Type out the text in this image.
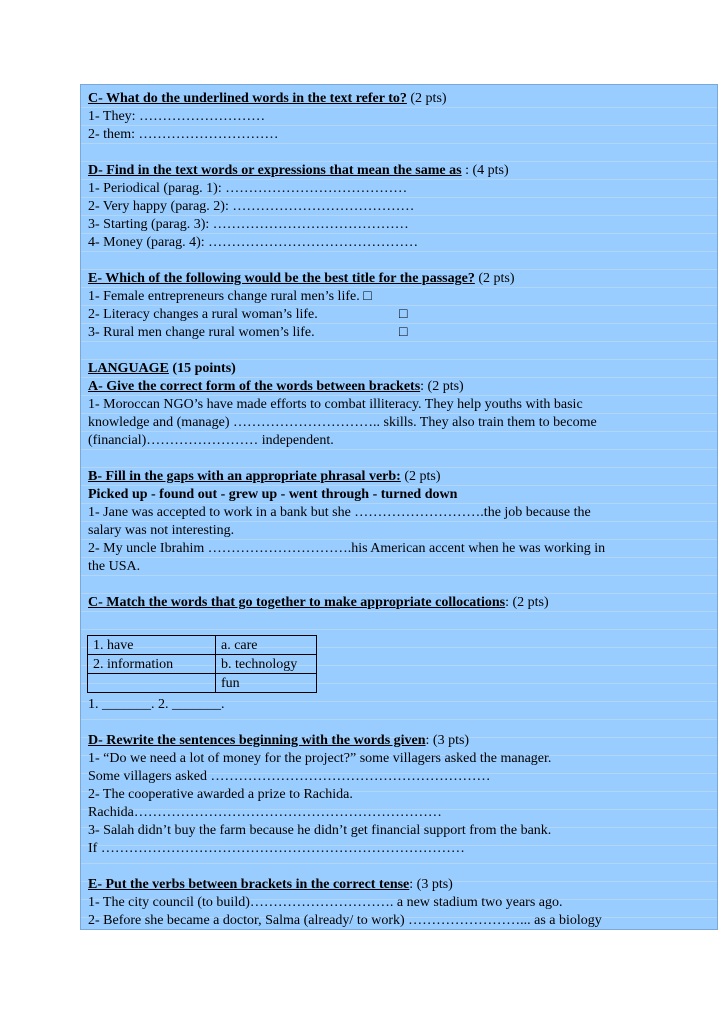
C- What do the underlined words in the text refer to? (2 pts)
1- They: ………………………
2- them: …………………………
D- Find in the text words or expressions that mean the same as : (4 pts)
1- Periodical (parag. 1): …………………………………
2- Very happy (parag. 2): …………………………………
3- Starting (parag. 3): ……………………………………
4- Money (parag. 4): ………………………………………
E- Which of the following would be the best title for the passage? (2 pts)
1- Female entrepreneurs change rural men’s life. □
2- Literacy changes a rural woman’s life.
3- Rural men change rural women’s life.
LANGUAGE (15 points)
A- Give the correct form of the words between brackets: (2 pts)
1- Moroccan NGO’s have made efforts to combat illiteracy. They help youths with basic
knowledge and (manage) ………………………….. skills. They also train them to become
(financial)…………………… independent.
B- Fill in the gaps with an appropriate phrasal verb: (2 pts)
Picked up - found out - grew up - went through - turned down
1- Jane was accepted to work in a bank but she ……………………….the job because the
salary was not interesting.
2- My uncle Ibrahim ………………………….his American accent when he was working in
the USA.
C- Match the words that go together to make appropriate collocations: (2 pts)
1. _______. 2. _______.
D- Rewrite the sentences beginning with the words given: (3 pts)
1- “Do we need a lot of money for the project?” some villagers asked the manager.
Some villagers asked ……………………………………………………
2- The cooperative awarded a prize to Rachida.
Rachida…………………………………………………………
3- Salah didn’t buy the farm because he didn’t get financial support from the bank.
If ……………………………………………………………………
E- Put the verbs between brackets in the correct tense: (3 pts)
1- The city council (to build)…………………………. a new stadium two years ago.
2- Before she became a doctor, Salma (already/ to work) ……………………... as a biology
□
□
1. have	a. care
2. information	b. technology
	fun
